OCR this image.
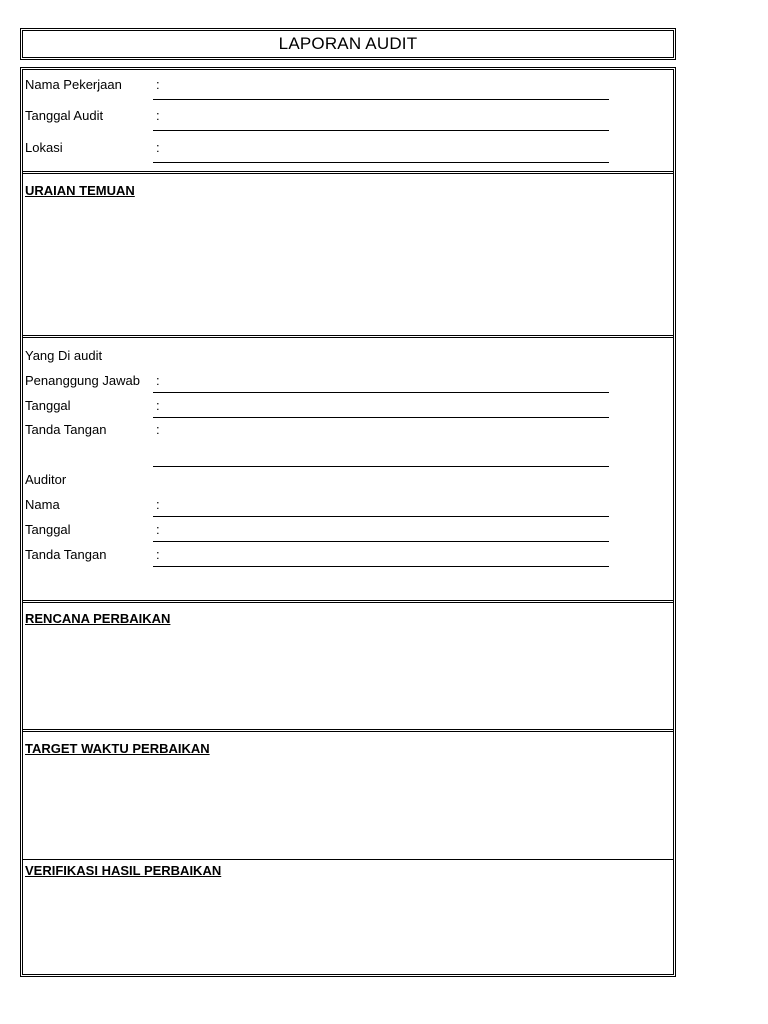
LAPORAN AUDIT
Nama Pekerjaan	:
Tanggal Audit	:
Lokasi	:
URAIAN TEMUAN
Yang Di audit
Penanggung Jawab :
Tanggal	:
Tanda Tangan	:
Auditor
Nama	:
Tanggal	:
Tanda Tangan	:
RENCANA PERBAIKAN
TARGET WAKTU PERBAIKAN
VERIFIKASI HASIL PERBAIKAN
